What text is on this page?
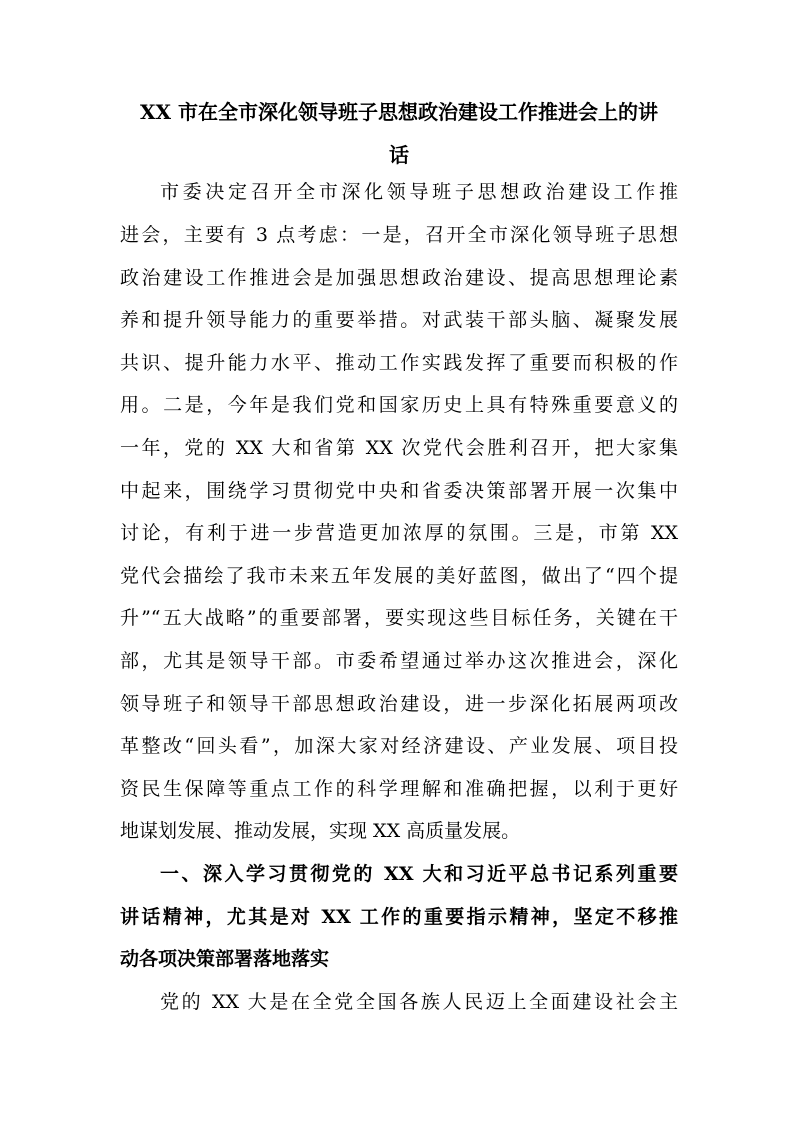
XX 市在全市深化领导班子思想政治建设工作推进会上的讲
话
市委决定召开全市深化领导班子思想政治建设工作推
进会，主要有 3 点考虑：一是，召开全市深化领导班子思想
政治建设工作推进会是加强思想政治建设、提高思想理论素
养和提升领导能力的重要举措。对武装干部头脑、凝聚发展
共识、提升能力水平、推动工作实践发挥了重要而积极的作
用。二是，今年是我们党和国家历史上具有特殊重要意义的
一年，党的 XX 大和省第 XX 次党代会胜利召开，把大家集
中起来，围绕学习贯彻党中央和省委决策部署开展一次集中
讨论，有利于进一步营造更加浓厚的氛围。三是，市第 XX
党代会描绘了我市未来五年发展的美好蓝图，做出了“四个提
升”“五大战略”的重要部署，要实现这些目标任务，关键在干
部，尤其是领导干部。市委希望通过举办这次推进会，深化
领导班子和领导干部思想政治建设，进一步深化拓展两项改
革整改“回头看”，加深大家对经济建设、产业发展、项目投
资民生保障等重点工作的科学理解和准确把握，以利于更好
地谋划发展、推动发展，实现 XX 高质量发展。
一、深入学习贯彻党的 XX 大和习近平总书记系列重要
讲话精神，尤其是对 XX 工作的重要指示精神，坚定不移推
动各项决策部署落地落实
党的 XX 大是在全党全国各族人民迈上全面建设社会主
